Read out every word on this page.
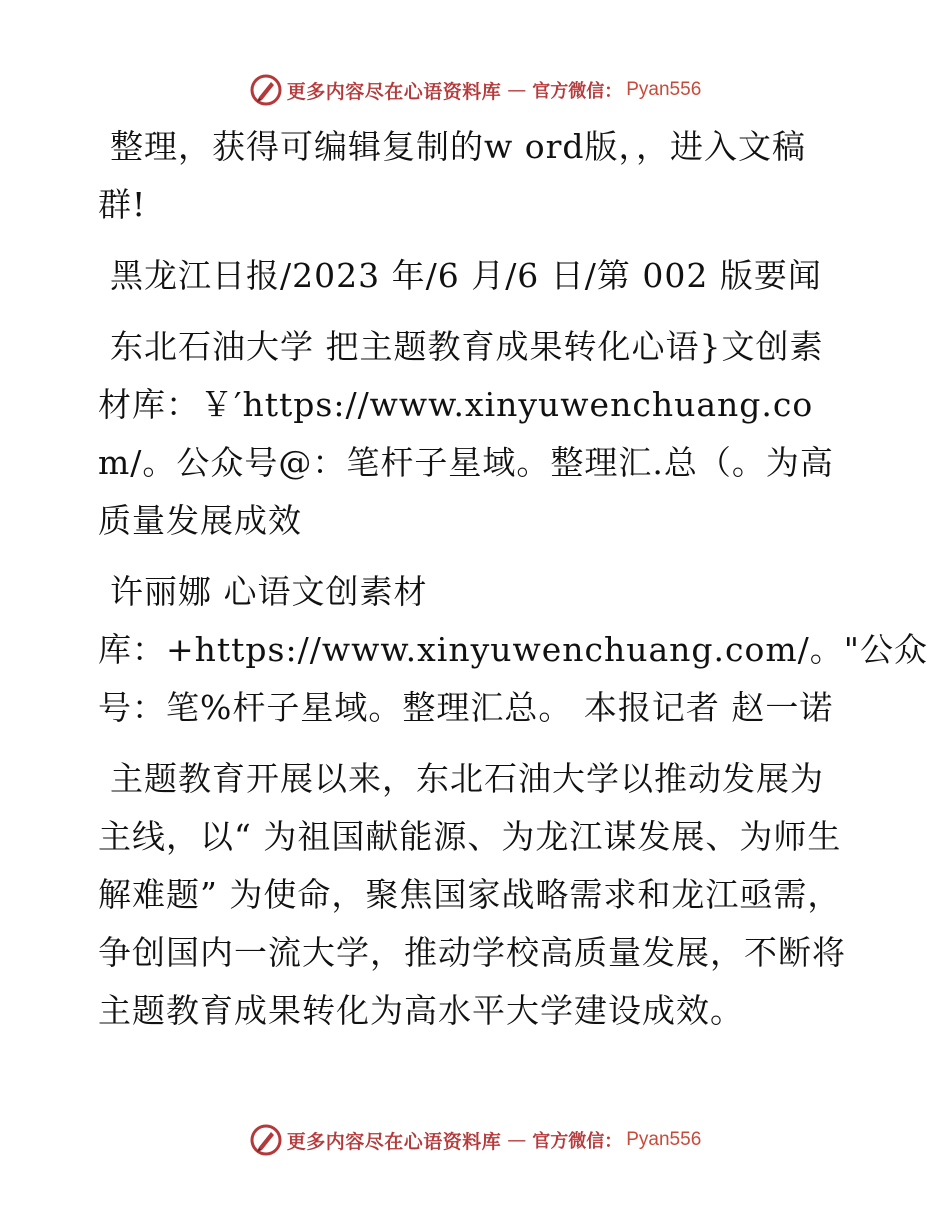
更多内容尽在心语资料库 — 官方微信： Pyan556

整理，获得可编辑复制的w ord版，，进入文稿群!

黑龙江日报/2023 年/6 月/6 日/第 002 版要闻

东北石油大学 把主题教育成果转化心语}文创素材库：￥′https://www.xinyuwenchuang.com/。公众号@：笔杆子星域。整理汇.总（。为高质量发展成效

许丽娜 心语文创素材
库：+https://www.xinyuwenchuang.com/。"公众
号：笔%杆子星域。整理汇总。 本报记者 赵一诺

主题教育开展以来，东北石油大学以推动发展为主线，以“ 为祖国献能源、为龙江谋发展、为师生解难题” 为使命，聚焦国家战略需求和龙江亟需，争创国内一流大学，推动学校高质量发展，不断将主题教育成果转化为高水平大学建设成效。

更多内容尽在心语资料库 — 官方微信： Pyan556
